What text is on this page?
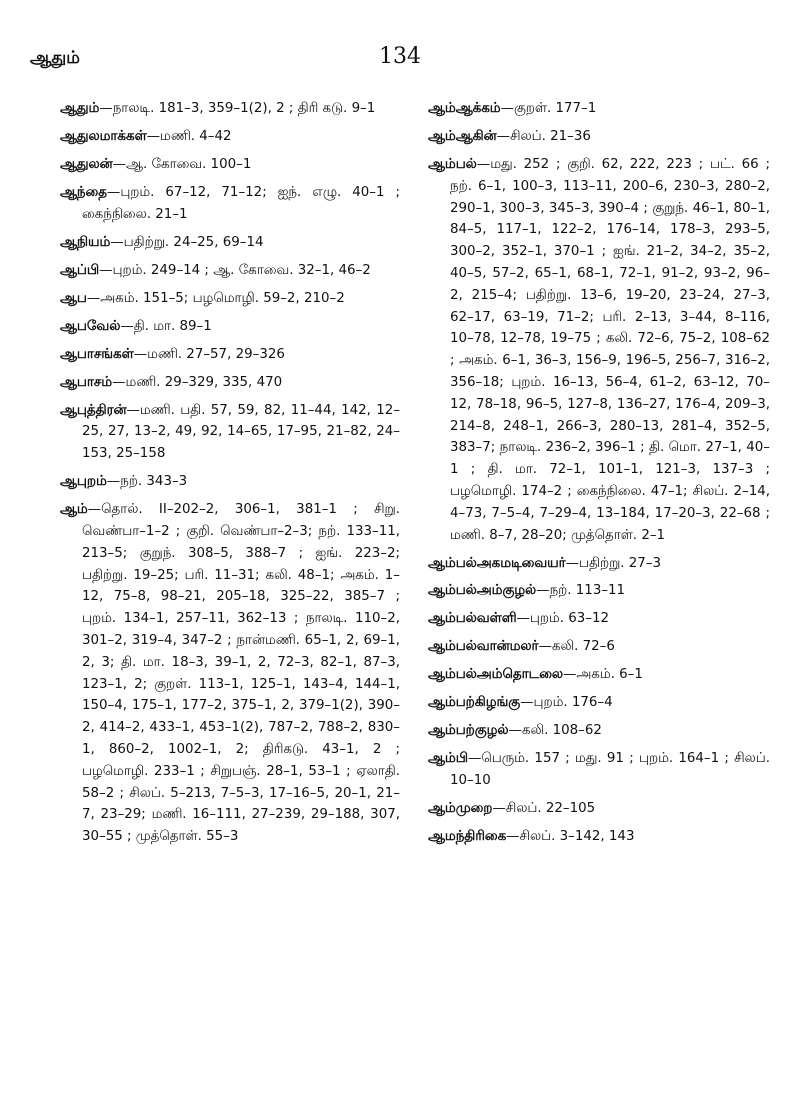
ஆதும்	134

ஆதும்—நாலடி. 181–3, 359–1(2), 2 ; திரி கடு. 9–1

ஆதுலமாக்கள்—மணி. 4–42

ஆதுலன்—ஆ. கோவை. 100–1

ஆந்தை—புறம். 67–12, 71–12; ஐந். எழு. 40–1 ; கைந்நிலை. 21–1

ஆநியம்—பதிற்று. 24–25, 69–14

ஆப்பி—புறம். 249–14 ; ஆ. கோவை. 32–1, 46–2

ஆப—அகம். 151–5; பழமொழி. 59–2, 210–2

ஆபவேல்—தி. மா. 89–1

ஆபாசங்கள்—மணி. 27–57, 29–326

ஆபாசம்—மணி. 29–329, 335, 470

ஆபுத்திரன்—மணி. பதி. 57, 59, 82, 11–44, 142, 12–25, 27, 13–2, 49, 92, 14–65, 17–95, 21–82, 24–153, 25–158

ஆபுறம்—நற். 343–3

ஆம்—தொல். II–202–2, 306–1, 381–1 ; சிறு. வெண்பா–1–2 ; குறி. வெண்பா–2–3; நற். 133–11, 213–5; குறுந். 308–5, 388–7 ; ஐங். 223–2; பதிற்று. 19–25; பரி. 11–31; கலி. 48–1; அகம். 1–12, 75–8, 98–21, 205–18, 325–22, 385–7 ; புறம். 134–1, 257–11, 362–13 ; நாலடி. 110–2, 301–2, 319–4, 347–2 ; நான்மணி. 65–1, 2, 69–1, 2, 3; தி. மா. 18–3, 39–1, 2, 72–3, 82–1, 87–3, 123–1, 2; குறள். 113–1, 125–1, 143–4, 144–1, 150–4, 175–1, 177–2, 375–1, 2, 379–1(2), 390–2, 414–2, 433–1, 453–1(2), 787–2, 788–2, 830–1, 860–2, 1002–1, 2; திரிகடு. 43–1, 2 ; பழமொழி. 233–1 ; சிறுபஞ். 28–1, 53–1 ; ஏலாதி. 58–2 ; சிலப். 5–213, 7–5–3, 17–16–5, 20–1, 21–7, 23–29; மணி. 16–111, 27–239, 29–188, 307, 30–55 ; முத்தொள். 55–3

ஆம்ஆக்கம்—குறள். 177–1

ஆம்ஆகின்—சிலப். 21–36

ஆம்பல்—மது. 252 ; குறி. 62, 222, 223 ; பட். 66 ; நற். 6–1, 100–3, 113–11, 200–6, 230–3, 280–2, 290–1, 300–3, 345–3, 390–4 ; குறுந். 46–1, 80–1, 84–5, 117–1, 122–2, 176–14, 178–3, 293–5, 300–2, 352–1, 370–1 ; ஐங். 21–2, 34–2, 35–2, 40–5, 57–2, 65–1, 68–1, 72–1, 91–2, 93–2, 96–2, 215–4; பதிற்று. 13–6, 19–20, 23–24, 27–3, 62–17, 63–19, 71–2; பரி. 2–13, 3–44, 8–116, 10–78, 12–78, 19–75 ; கலி. 72–6, 75–2, 108–62 ; அகம். 6–1, 36–3, 156–9, 196–5, 256–7, 316–2, 356–18; புறம். 16–13, 56–4, 61–2, 63–12, 70–12, 78–18, 96–5, 127–8, 136–27, 176–4, 209–3, 214–8, 248–1, 266–3, 280–13, 281–4, 352–5, 383–7; நாலடி. 236–2, 396–1 ; தி. மொ. 27–1, 40–1 ; தி. மா. 72–1, 101–1, 121–3, 137–3 ; பழமொழி. 174–2 ; கைந்நிலை. 47–1; சிலப். 2–14, 4–73, 7–5–4, 7–29–4, 13–184, 17–20–3, 22–68 ; மணி. 8–7, 28–20; முத்தொள். 2–1

ஆம்பல்அகமடிவையர்—பதிற்று. 27–3

ஆம்பல்அம்குழல்—நற். 113–11

ஆம்பல்வள்ளி—புறம். 63–12

ஆம்பல்வான்மலர்—கலி. 72–6

ஆம்பல்அம்தொடலை—அகம். 6–1

ஆம்பற்கிழங்கு—புறம். 176–4

ஆம்பற்குழல்—கலி. 108–62

ஆம்பி—பெரும். 157 ; மது. 91 ; புறம். 164–1 ; சிலப். 10–10

ஆம்முறை—சிலப். 22–105

ஆமந்திரிகை—சிலப். 3–142, 143
